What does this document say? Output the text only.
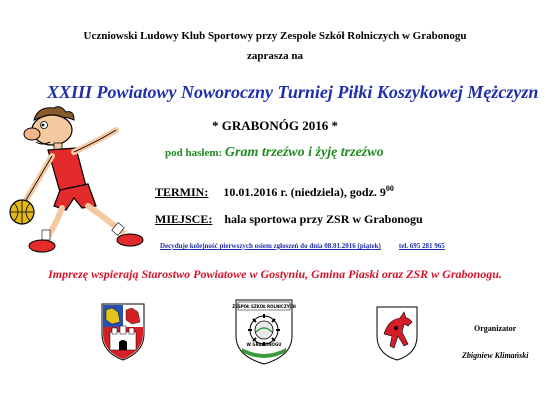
Uczniowski Ludowy Klub Sportowy przy Zespole Szkół Rolniczych w Grabonogu
zaprasza na
XXIII Powiatowy Noworoczny Turniej Piłki Koszykowej Mężczyzn
* GRABONÓG 2016 *
pod hasłem: Gram trzeźwo i żyję trzeźwo
TERMIN: 10.01.2016 r. (niedziela), godz. $9^{00}$
MIEJSCE: hala sportowa przy ZSR w Grabonogu
Decyduje kolejność pierwszych osiem zgłoszeń do dnia 08.01.2016 (piątek)	tel. 695 281 965
Imprezę wspierają Starostwo Powiatowe w Gostyniu, Gmina Piaski oraz ZSR w Grabonogu.
Organizator
Zbigniew Klimański
ZESPÓŁ SZKÓŁ ROLNICZYCH
W GRABONOGU
